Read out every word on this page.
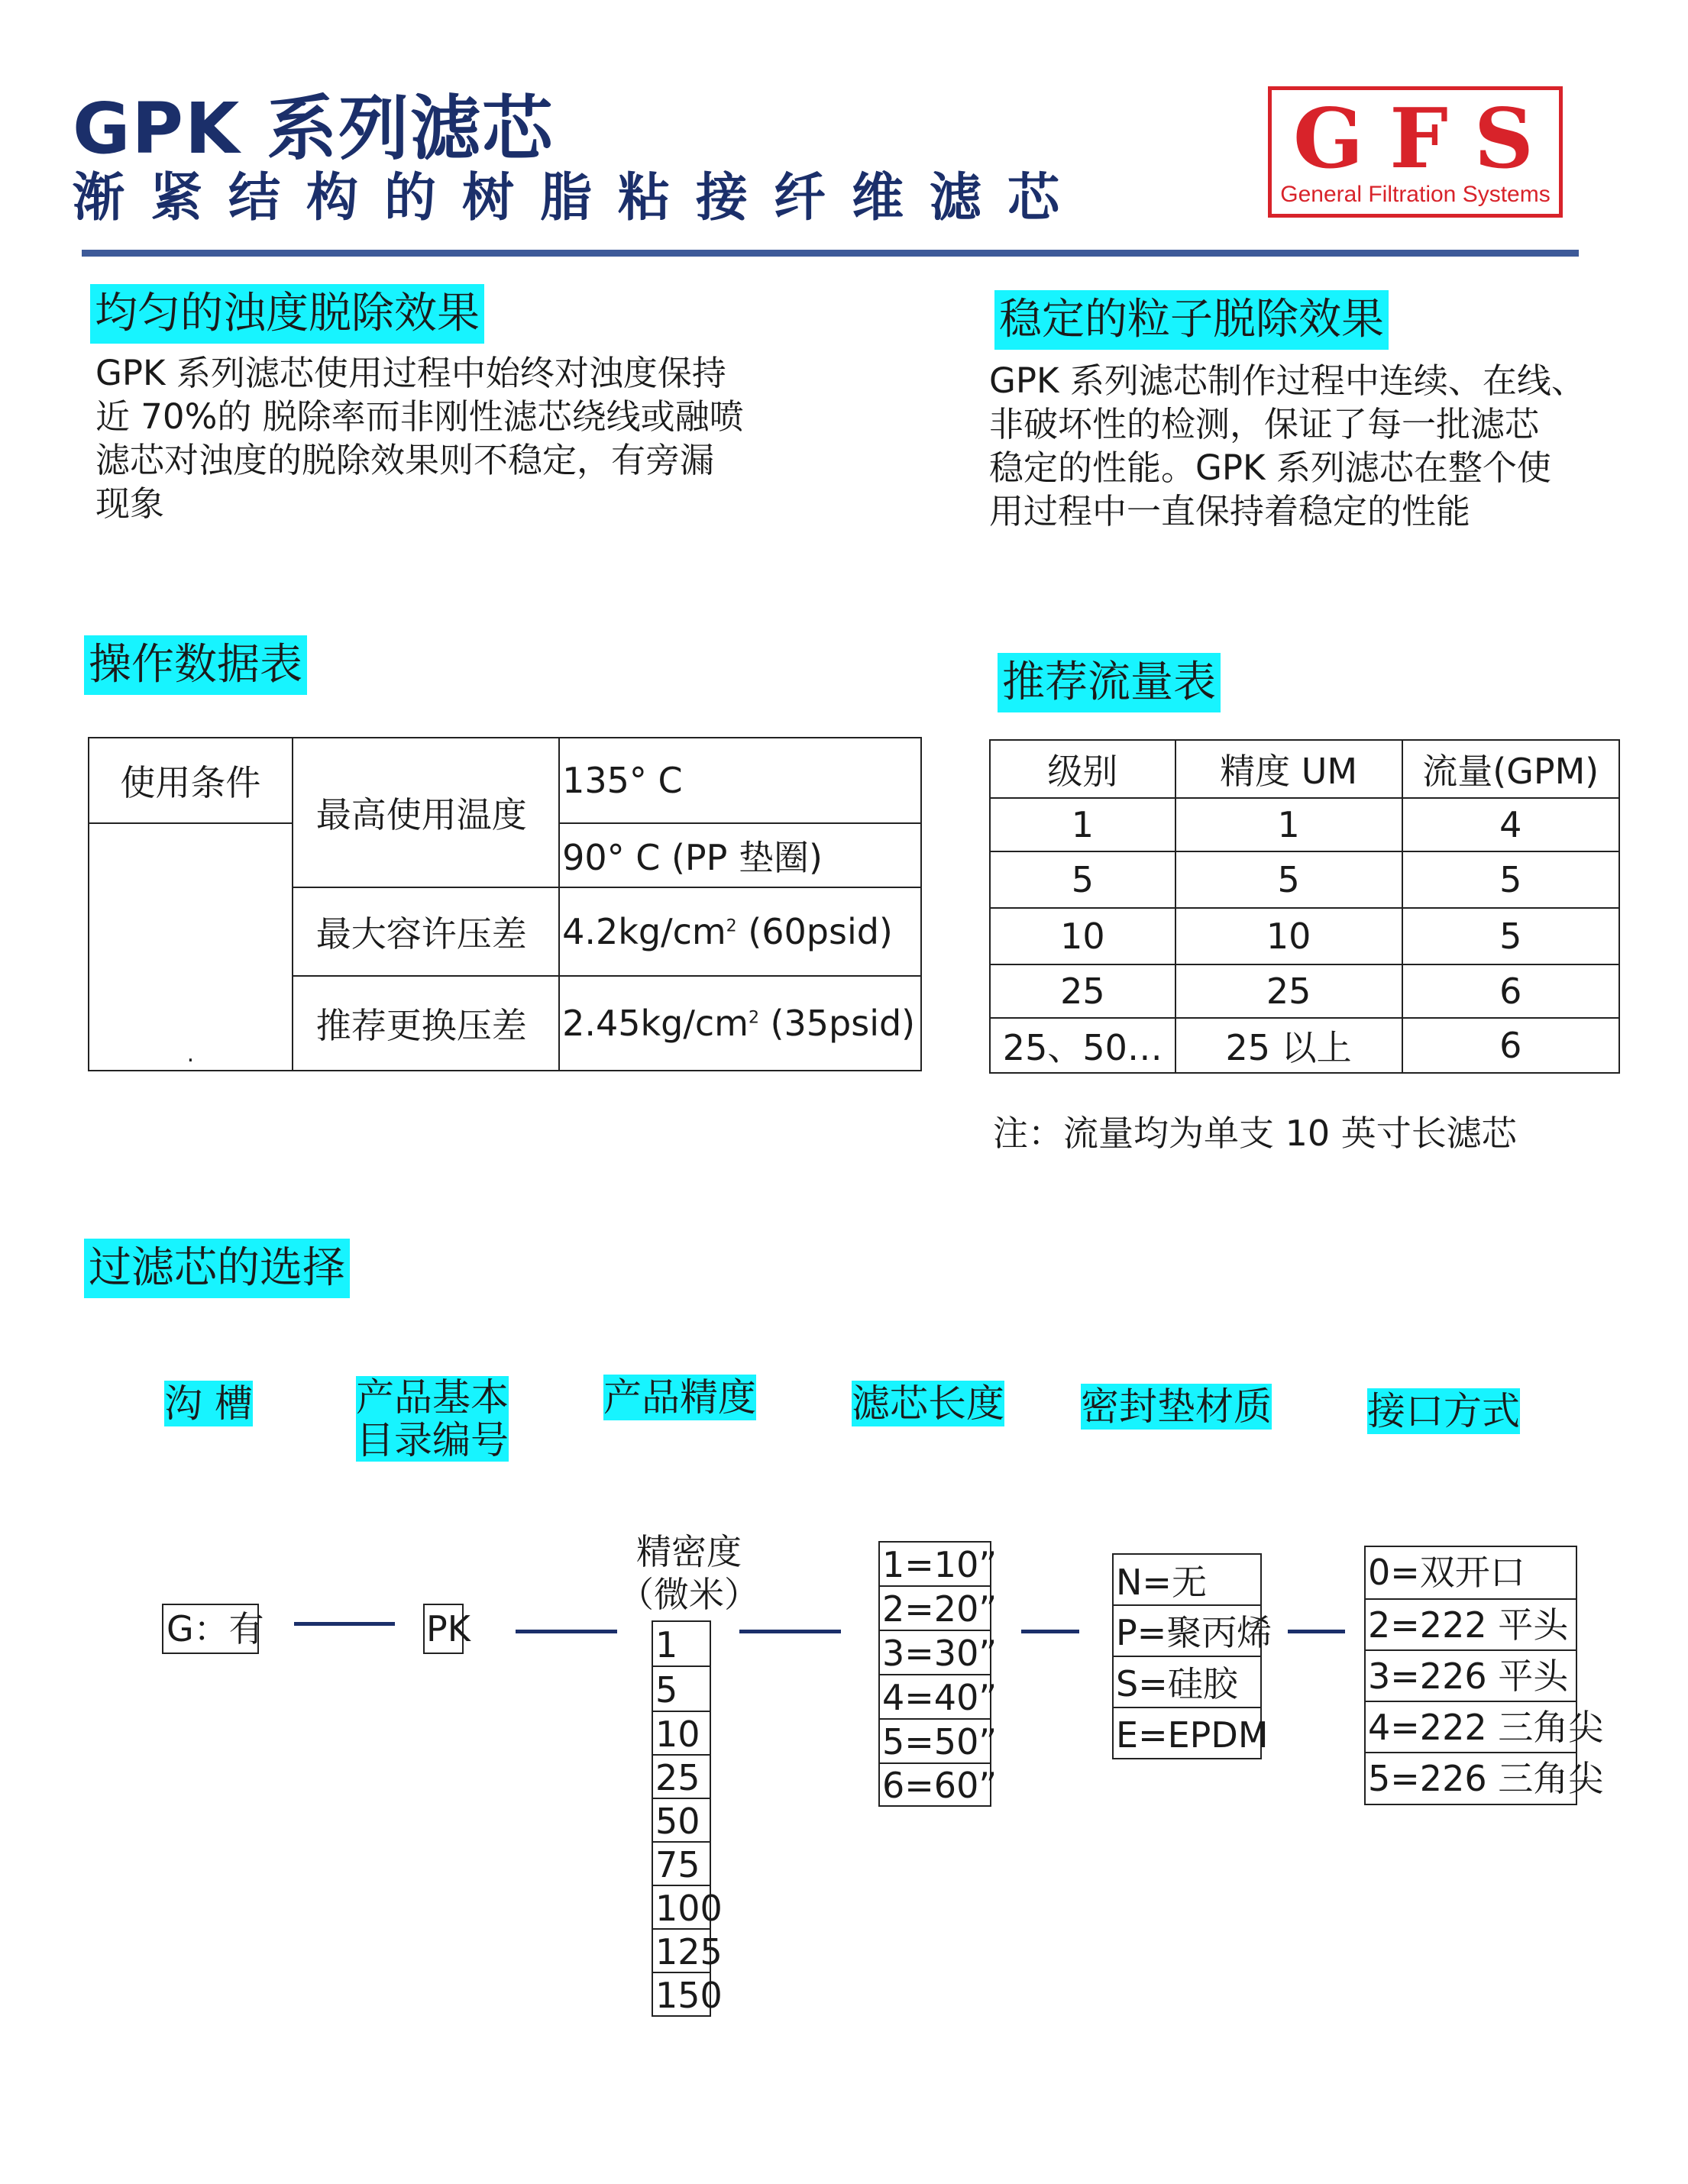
GPK 系列滤芯
渐紧结构的树脂粘接纤维滤芯
GFS
General Filtration Systems
均匀的浊度脱除效果
GPK 系列滤芯使用过程中始终对浊度保持
近 70%的 脱除率而非刚性滤芯绕线或融喷
滤芯对浊度的脱除效果则不稳定，有旁漏
现象
稳定的粒子脱除效果
GPK 系列滤芯制作过程中连续、在线、
非破坏性的检测，保证了每一批滤芯
稳定的性能。GPK 系列滤芯在整个使
用过程中一直保持着稳定的性能
操作数据表
使用条件	最高使用温度	135° C
.		90° C (PP 垫圈)
	最大容许压差	$4.2kg/cm^2$ (60psid)
	推荐更换压差	$2.45kg/cm^2$ (35psid)
推荐流量表
级别	精度 UM	流量(GPM)
1	1	4
5	5	5
10	10	5
25	25	6
25、50…	25 以上	6
注：流量均为单支 10 英寸长滤芯
过滤芯的选择
沟 槽	产品基本
目录编号
产品精度	滤芯长度 密封垫材质	接口方式
G：有	PK
精密度
（微米）
1
5
10
25
50
75
100
125
150
1=10”
2=20”
3=30”
4=40”
5=50”
6=60”
N=无
P=聚丙烯
S=硅胶
E=EPDM
0=双开口
2=222 平头
3=226 平头
4=222 三角尖
5=226 三角尖
